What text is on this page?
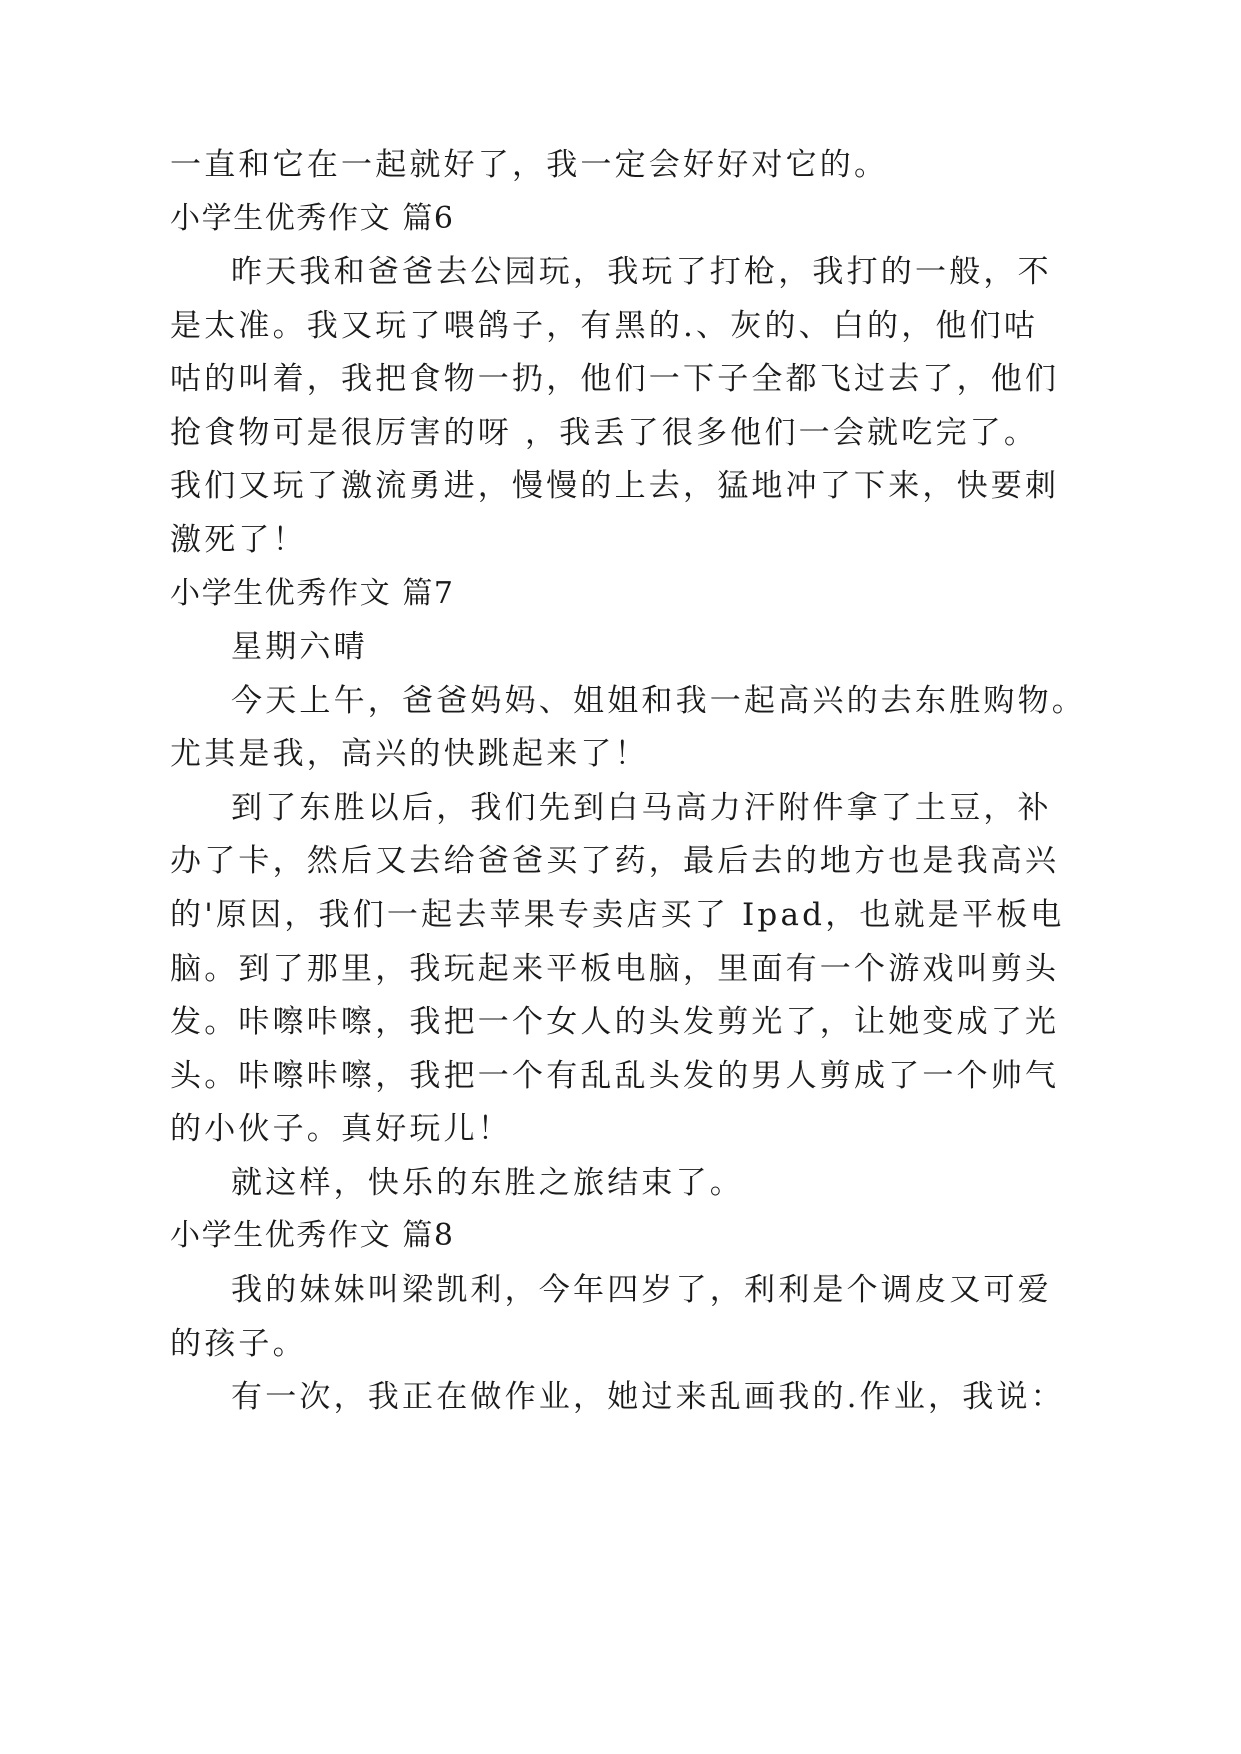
一直和它在一起就好了，我一定会好好对它的。
小学生优秀作文 篇6
昨天我和爸爸去公园玩，我玩了打枪，我打的一般，不
是太准。我又玩了喂鸽子，有黑的.、灰的、白的，他们咕
咕的叫着，我把食物一扔，他们一下子全都飞过去了，他们
抢食物可是很厉害的呀 ，我丢了很多他们一会就吃完了。
我们又玩了激流勇进，慢慢的上去，猛地冲了下来，快要刺
激死了！
小学生优秀作文 篇7
星期六晴
今天上午，爸爸妈妈、姐姐和我一起高兴的去东胜购物。
尤其是我，高兴的快跳起来了！
到了东胜以后，我们先到白马高力汗附件拿了土豆，补
办了卡，然后又去给爸爸买了药，最后去的地方也是我高兴
的'原因，我们一起去苹果专卖店买了 Ipad，也就是平板电
脑。到了那里，我玩起来平板电脑，里面有一个游戏叫剪头
发。咔嚓咔嚓，我把一个女人的头发剪光了，让她变成了光
头。咔嚓咔嚓，我把一个有乱乱头发的男人剪成了一个帅气
的小伙子。真好玩儿！
就这样，快乐的东胜之旅结束了。
小学生优秀作文 篇8
我的妹妹叫梁凯利，今年四岁了，利利是个调皮又可爱
的孩子。
有一次，我正在做作业，她过来乱画我的.作业，我说：
